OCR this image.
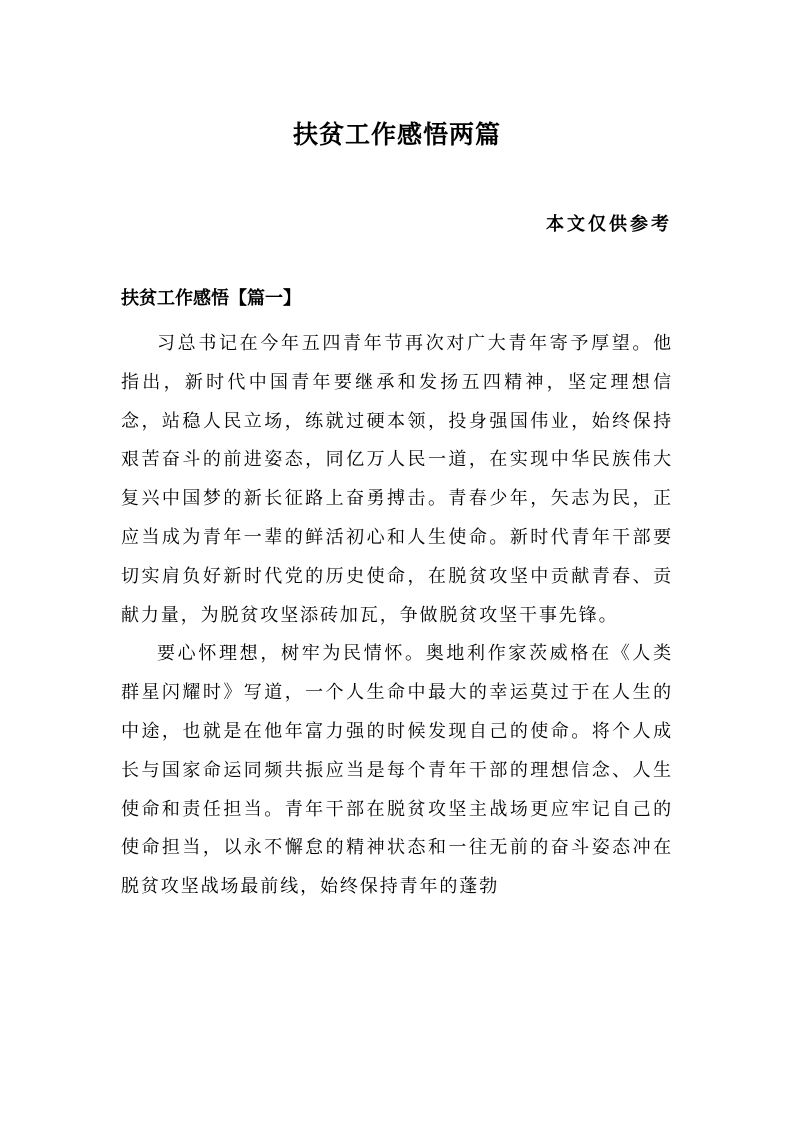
扶贫工作感悟两篇
本文仅供参考
扶贫工作感悟【篇一】

习总书记在今年五四青年节再次对广大青年寄予厚望。他指出，新时代中国青年要继承和发扬五四精神，坚定理想信念，站稳人民立场，练就过硬本领，投身强国伟业，始终保持艰苦奋斗的前进姿态，同亿万人民一道，在实现中华民族伟大复兴中国梦的新长征路上奋勇搏击。青春少年，矢志为民，正应当成为青年一辈的鲜活初心和人生使命。新时代青年干部要切实肩负好新时代党的历史使命，在脱贫攻坚中贡献青春、贡献力量，为脱贫攻坚添砖加瓦，争做脱贫攻坚干事先锋。

要心怀理想，树牢为民情怀。奥地利作家茨威格在《人类群星闪耀时》写道，一个人生命中最大的幸运莫过于在人生的中途，也就是在他年富力强的时候发现自己的使命。将个人成长与国家命运同频共振应当是每个青年干部的理想信念、人生使命和责任担当。青年干部在脱贫攻坚主战场更应牢记自己的使命担当，以永不懈怠的精神状态和一往无前的奋斗姿态冲在脱贫攻坚战场最前线，始终保持青年的蓬勃
